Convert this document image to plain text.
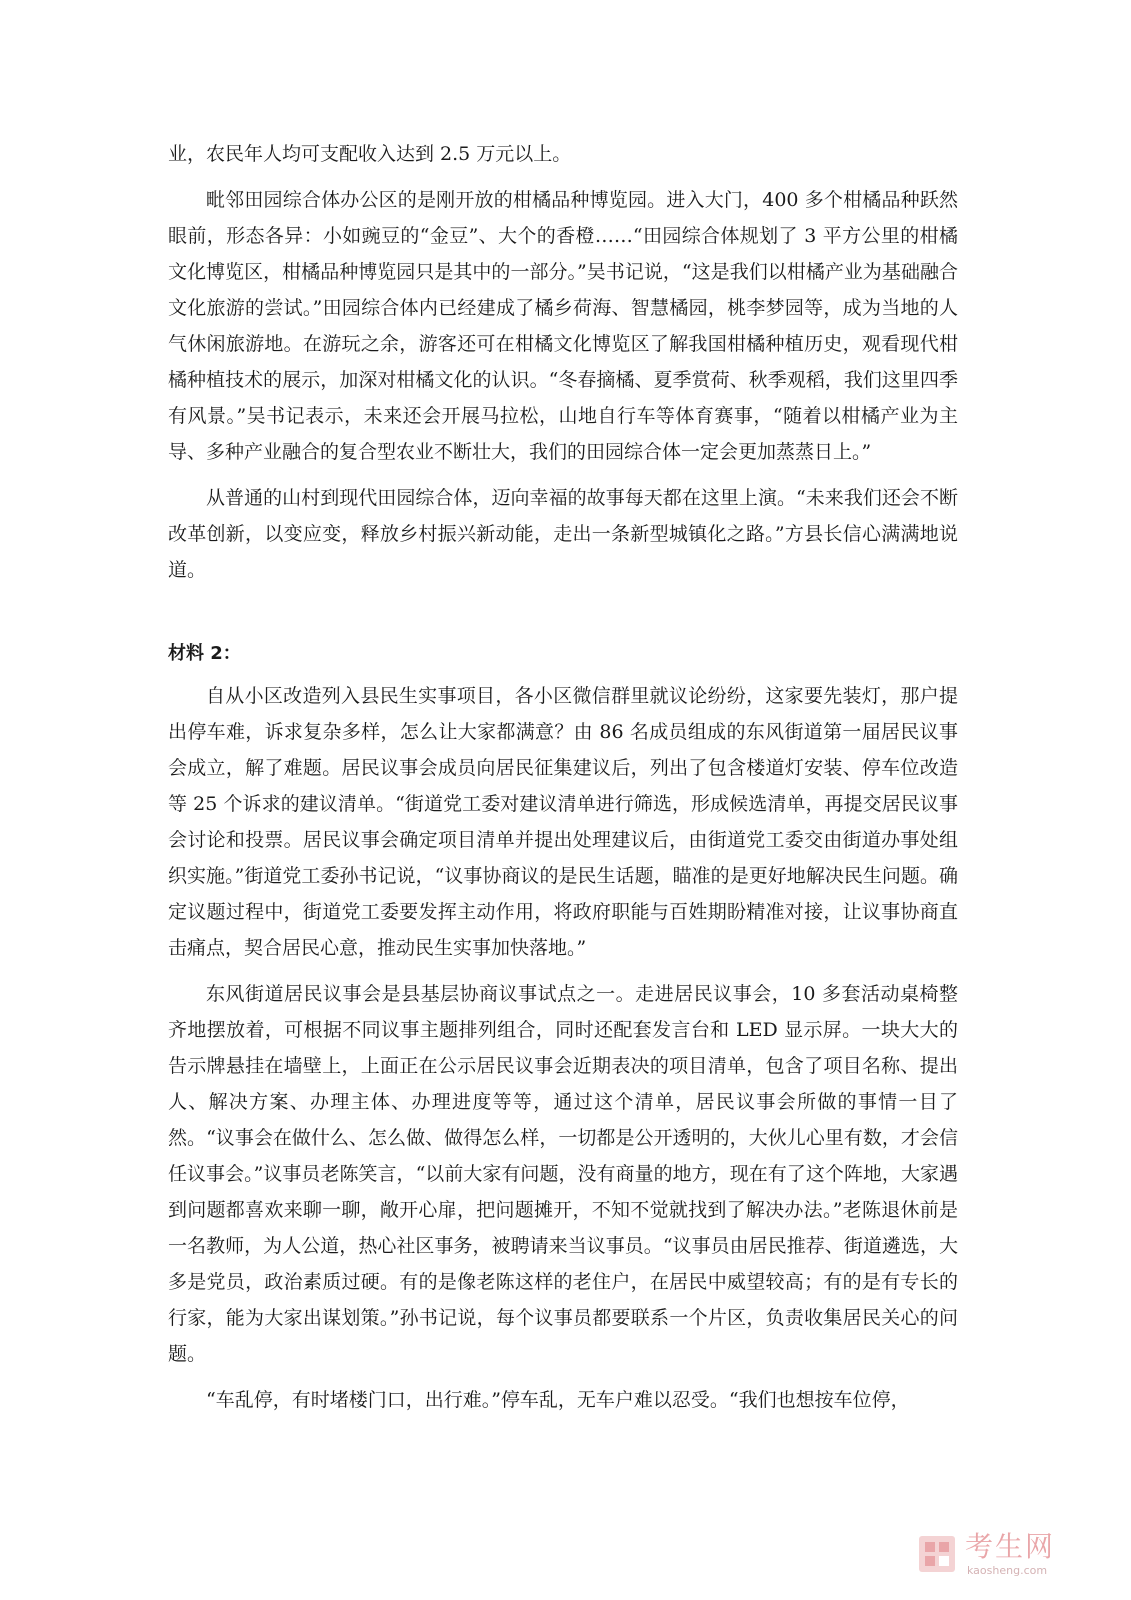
业，农民年人均可支配收入达到 2.5 万元以上。

毗邻田园综合体办公区的是刚开放的柑橘品种博览园。进入大门，400 多个柑橘品种跃然眼前，形态各异：小如豌豆的“金豆”、大个的香橙……“田园综合体规划了 3 平方公里的柑橘文化博览区，柑橘品种博览园只是其中的一部分。”吴书记说，“这是我们以柑橘产业为基础融合文化旅游的尝试。”田园综合体内已经建成了橘乡荷海、智慧橘园，桃李梦园等，成为当地的人气休闲旅游地。在游玩之余，游客还可在柑橘文化博览区了解我国柑橘种植历史，观看现代柑橘种植技术的展示，加深对柑橘文化的认识。“冬春摘橘、夏季赏荷、秋季观稻，我们这里四季有风景。”吴书记表示，未来还会开展马拉松，山地自行车等体育赛事，“随着以柑橘产业为主导、多种产业融合的复合型农业不断壮大，我们的田园综合体一定会更加蒸蒸日上。”

从普通的山村到现代田园综合体，迈向幸福的故事每天都在这里上演。“未来我们还会不断改革创新，以变应变，释放乡村振兴新动能，走出一条新型城镇化之路。”方县长信心满满地说道。

材料 2：

自从小区改造列入县民生实事项目，各小区微信群里就议论纷纷，这家要先装灯，那户提出停车难，诉求复杂多样，怎么让大家都满意？由 86 名成员组成的东风街道第一届居民议事会成立，解了难题。居民议事会成员向居民征集建议后，列出了包含楼道灯安装、停车位改造等 25 个诉求的建议清单。“街道党工委对建议清单进行筛选，形成候选清单，再提交居民议事会讨论和投票。居民议事会确定项目清单并提出处理建议后，由街道党工委交由街道办事处组织实施。”街道党工委孙书记说，“议事协商议的是民生话题，瞄准的是更好地解决民生问题。确定议题过程中，街道党工委要发挥主动作用，将政府职能与百姓期盼精准对接，让议事协商直击痛点，契合居民心意，推动民生实事加快落地。”

东风街道居民议事会是县基层协商议事试点之一。走进居民议事会，10 多套活动桌椅整齐地摆放着，可根据不同议事主题排列组合，同时还配套发言台和 LED 显示屏。一块大大的告示牌悬挂在墙壁上，上面正在公示居民议事会近期表决的项目清单，包含了项目名称、提出人、解决方案、办理主体、办理进度等等，通过这个清单，居民议事会所做的事情一目了然。“议事会在做什么、怎么做、做得怎么样，一切都是公开透明的，大伙儿心里有数，才会信任议事会。”议事员老陈笑言，“以前大家有问题，没有商量的地方，现在有了这个阵地，大家遇到问题都喜欢来聊一聊，敞开心扉，把问题摊开，不知不觉就找到了解决办法。”老陈退休前是一名教师，为人公道，热心社区事务，被聘请来当议事员。“议事员由居民推荐、街道遴选，大多是党员，政治素质过硬。有的是像老陈这样的老住户，在居民中威望较高；有的是有专长的行家，能为大家出谋划策。”孙书记说，每个议事员都要联系一个片区，负责收集居民关心的问题。

“车乱停，有时堵楼门口，出行难。”停车乱，无车户难以忍受。“我们也想按车位停，

考生网
kaosheng.com
